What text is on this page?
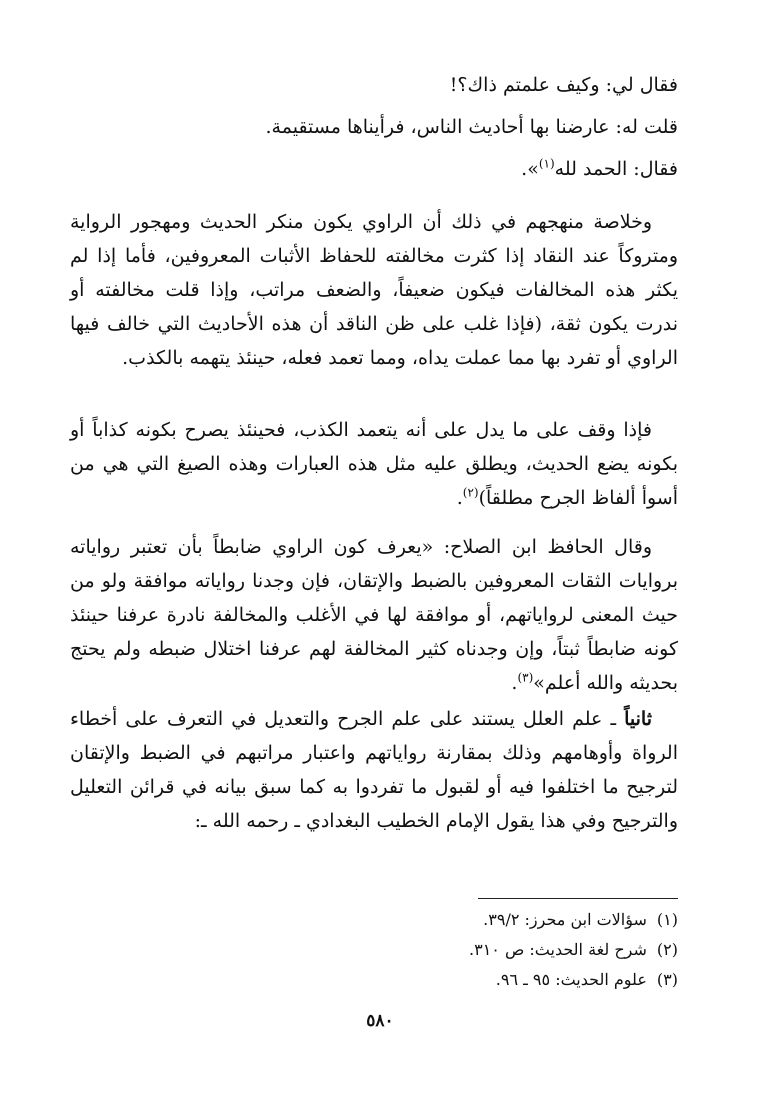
فقال لي: وكيف علمتم ذاك؟!

قلت له: عارضنا بها أحاديث الناس، فرأيناها مستقيمة.

فقال: الحمد لله$^{(١)}$».

وخلاصة منهجهم في ذلك أن الراوي يكون منكر الحديث ومهجور الرواية ومتروكاً عند النقاد إذا كثرت مخالفته للحفاظ الأثبات المعروفين، فأما إذا لم يكثر هذه المخالفات فيكون ضعيفاً، والضعف مراتب، وإذا قلت مخالفته أو ندرت يكون ثقة، (فإذا غلب على ظن الناقد أن هذه الأحاديث التي خالف فيها الراوي أو تفرد بها مما عملت يداه، ومما تعمد فعله، حينئذ يتهمه بالكذب.

فإذا وقف على ما يدل على أنه يتعمد الكذب، فحينئذ يصرح بكونه كذاباً أو بكونه يضع الحديث، ويطلق عليه مثل هذه العبارات وهذه الصيغ التي هي من أسوأ ألفاظ الجرح مطلقاً)$^{(٢)}$.

وقال الحافظ ابن الصلاح: «يعرف كون الراوي ضابطاً بأن تعتبر رواياته بروايات الثقات المعروفين بالضبط والإتقان، فإن وجدنا رواياته موافقة ولو من حيث المعنى لرواياتهم، أو موافقة لها في الأغلب والمخالفة نادرة عرفنا حينئذ كونه ضابطاً ثبتاً، وإن وجدناه كثير المخالفة لهم عرفنا اختلال ضبطه ولم يحتج بحديثه والله أعلم»$^{(٣)}$.

ثانياً ـ علم العلل يستند على علم الجرح والتعديل في التعرف على أخطاء الرواة وأوهامهم وذلك بمقارنة رواياتهم واعتبار مراتبهم في الضبط والإتقان لترجيح ما اختلفوا فيه أو لقبول ما تفردوا به كما سبق بيانه في قرائن التعليل والترجيح وفي هذا يقول الإمام الخطيب البغدادي ـ رحمه الله ـ:

(١)سؤالات ابن محرز: ٣٩/٢.

(٢)شرح لغة الحديث: ص ٣١٠.

(٣)علوم الحديث: ٩٥ ـ ٩٦.

٥٨٠
